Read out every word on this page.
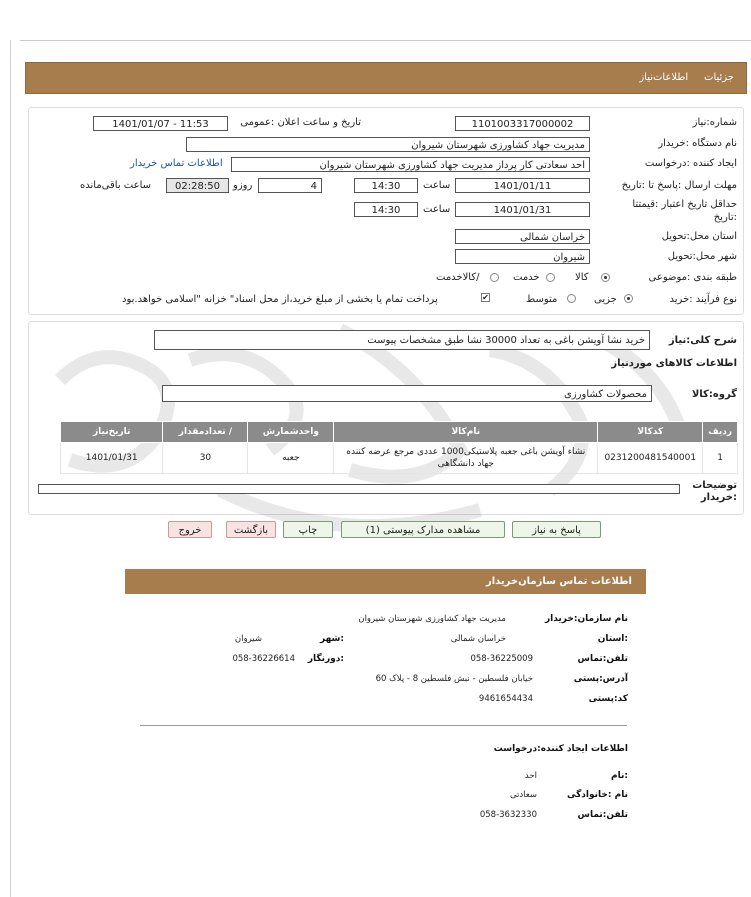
جزئیات     اطلاعات‌نیاز
شماره:نیاز
1101003317000002
تاریخ و ساعت اعلان :عمومی
1401/01/07 - 11:53
نام دستگاه :خریدار
مدیریت جهاد کشاورزی شهرستان شیروان
ایجاد کننده :درخواست
احد سعادتی کار پرداز مدیریت جهاد کشاورزی شهرستان شیروان
اطلاعات تماس خریدار
مهلت ارسال :پاسخ تا :تاریخ
1401/01/11
ساعت
14:30
4
روزو
02:28:50
ساعت باقی‌مانده
حداقل تاریخ اعتبار :قیمتتا :تاریخ
1401/01/31
ساعت
14:30
استان محل:تحویل
خراسان شمالی
شهر محل:تحویل
شیروان
طبقه بندی :موضوعی
کالا
خدمت
/کالاخدمت
نوع فرآیند :خرید
جزیی
متوسط
✔
پرداخت تمام یا بخشی از مبلغ خرید،از محل اسناد" خزانه "اسلامی خواهد.بود
شرح کلی:نیاز
خرید نشا آویشن باغی به تعداد 30000 نشا طبق مشخصات پیوست
اطلاعات کالاهای موردنیاز
گروه:کالا
محصولات کشاورزی
ردیف	کدکالا	نام‌کالا	واحدشمارش	/ تعدادمقدار	تاریخ‌نیاز
1	0231200481540001	نشاء آویشن باغی جعبه پلاستیکی1000 عددی مرجع عرضه کننده جهاد دانشگاهی	جعبه	30	1401/01/31
توضیحات :خریدار
پاسخ به نیاز
مشاهده مدارک پیوستی (1)
چاپ
بازگشت
خروج
اطلاعات تماس سازمان‌خریدار
نام سازمان:خریدار
مدیریت جهاد کشاورزی شهرستان شیروان
:استان
خراسان شمالی
:شهر
شیروان
تلفن:تماس
058-36225009
:دورنگار
058-36226614
آدرس:پستی
خیابان فلسطین - نبش فلسطین 8 - پلاک 60
کد:پستی
9461654434
اطلاعات ایجاد کننده:درخواست
:نام
احد
نام :خانوادگی
سعادتی
تلفن:تماس
058-3632330
